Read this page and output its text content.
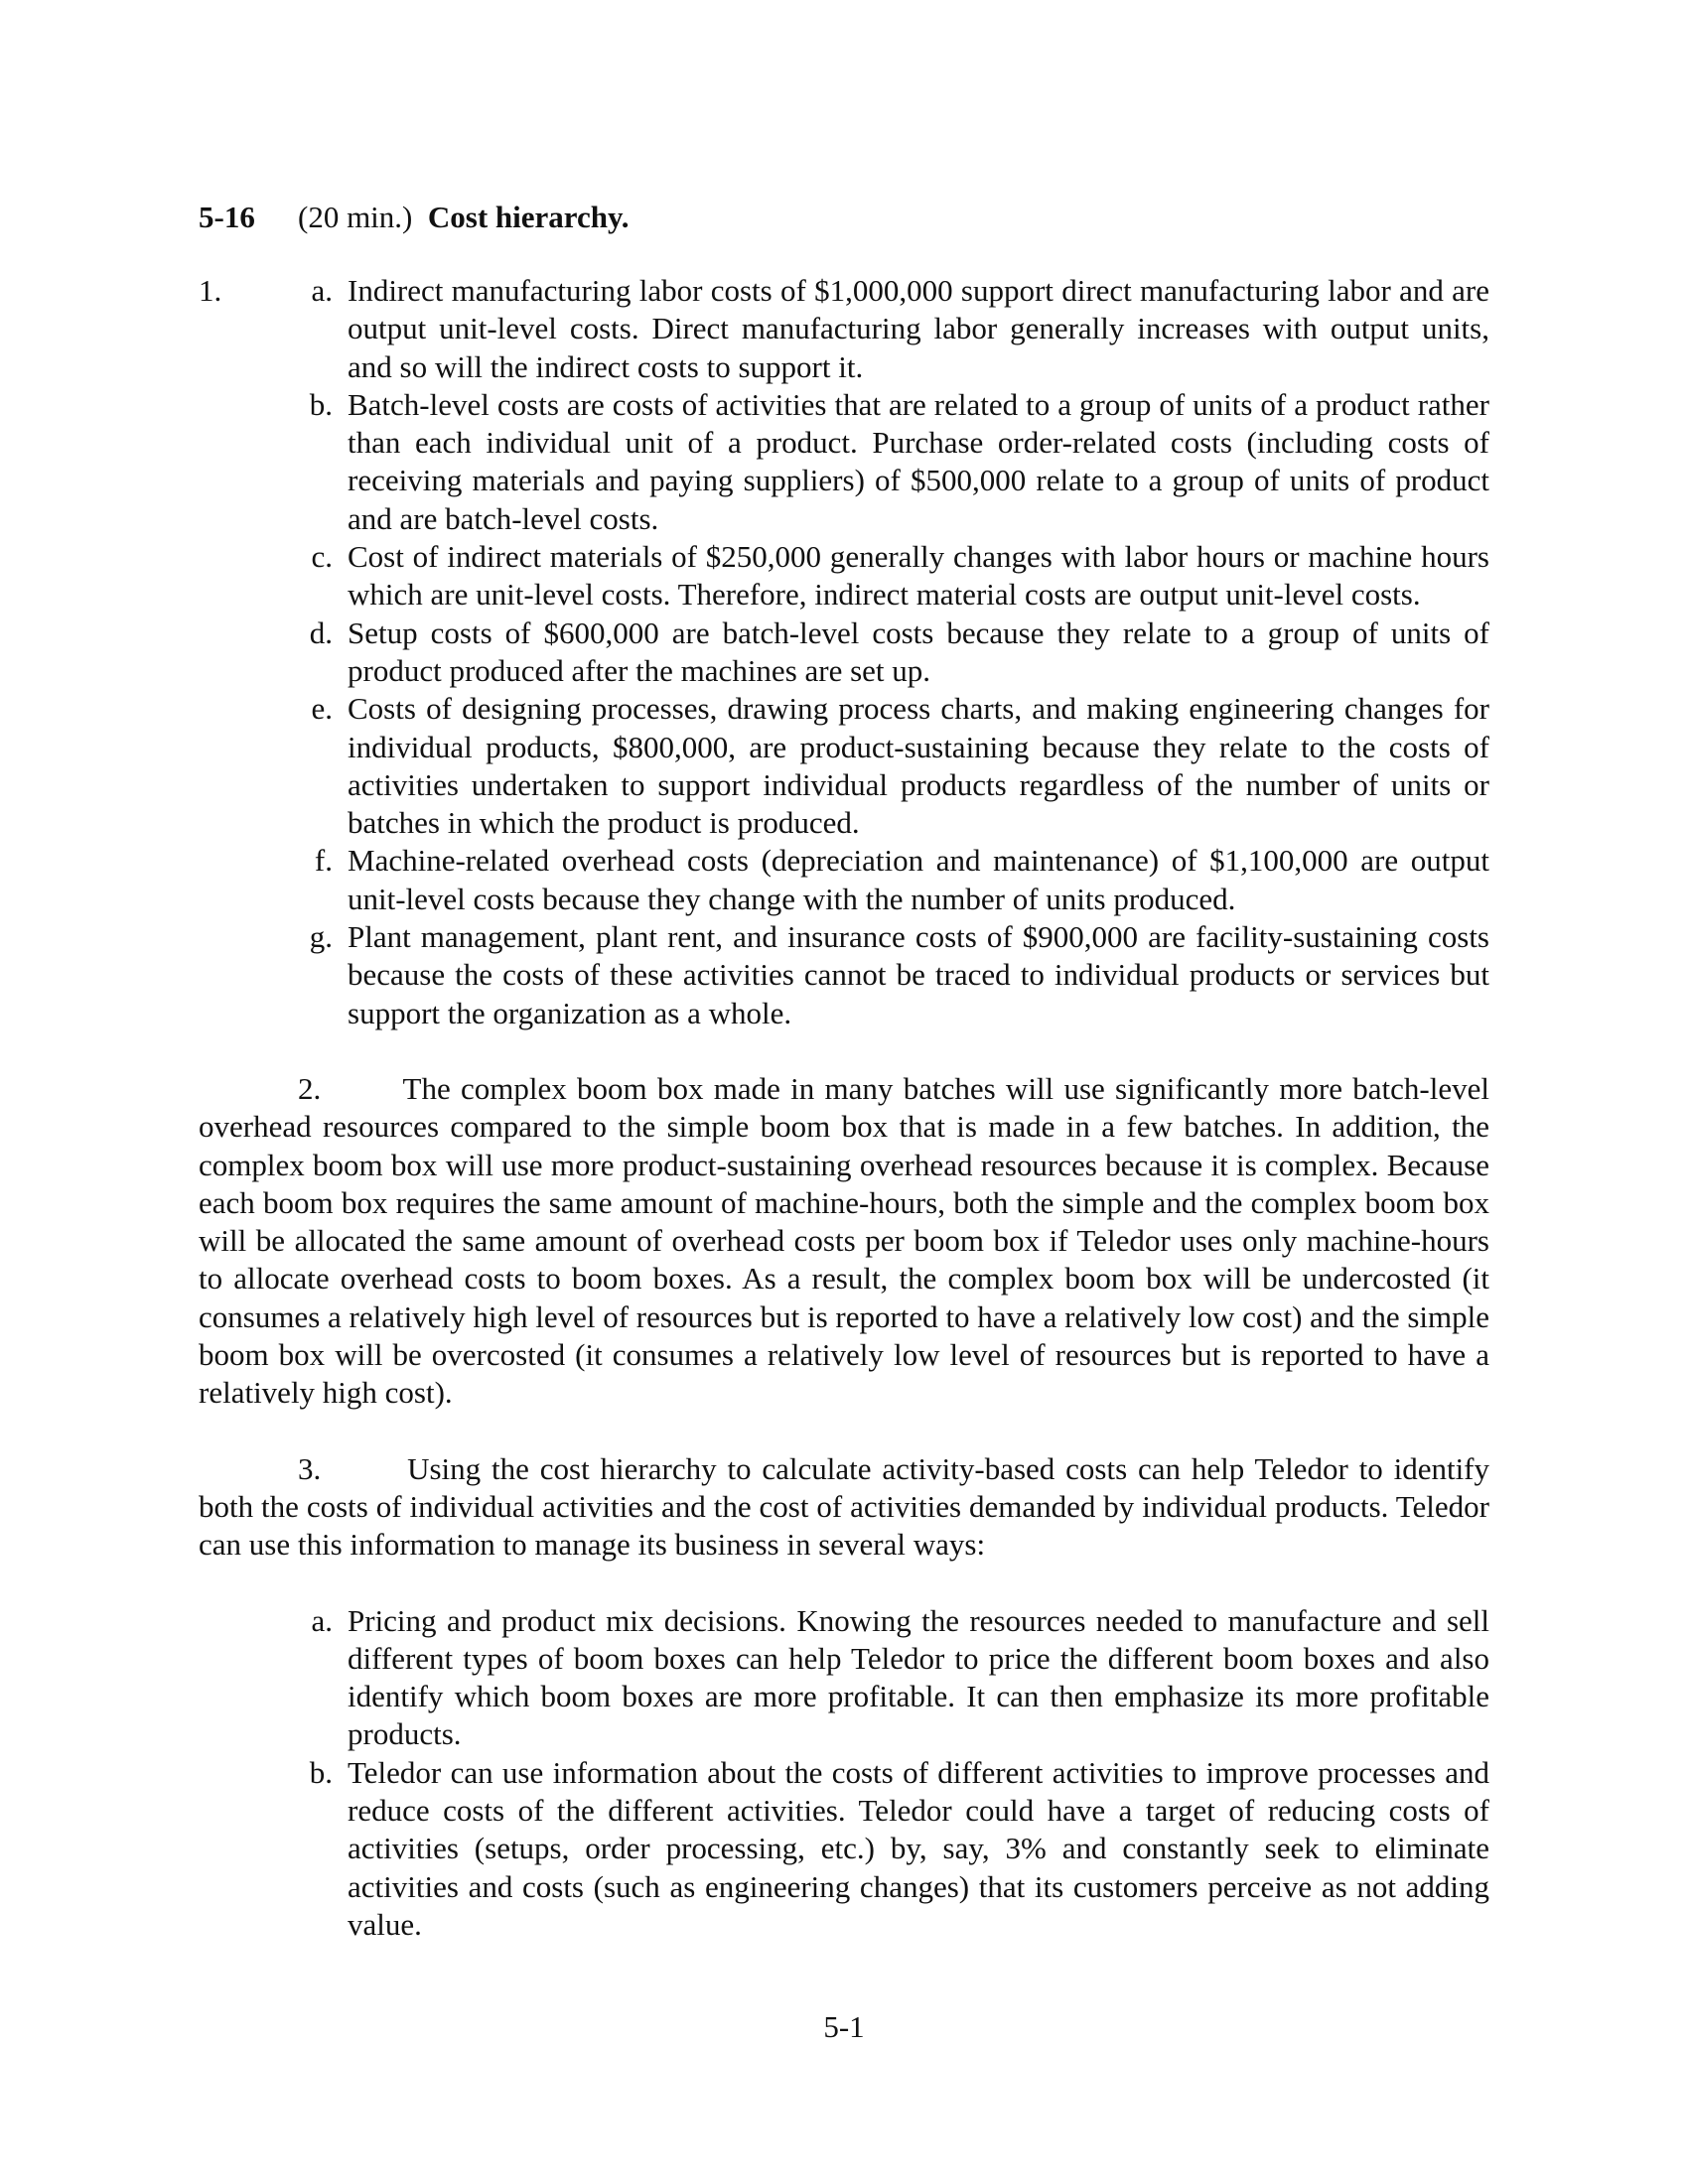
5-16 (20 min.) Cost hierarchy.
1.	a. Indirect manufacturing labor costs of $1,000,000 support direct manufacturing labor and are output unit-level costs. Direct manufacturing labor generally increases with output units, and so will the indirect costs to support it.
b. Batch-level costs are costs of activities that are related to a group of units of a product rather than each individual unit of a product. Purchase order-related costs (including costs of receiving materials and paying suppliers) of $500,000 relate to a group of units of product and are batch-level costs.
c. Cost of indirect materials of $250,000 generally changes with labor hours or machine hours which are unit-level costs. Therefore, indirect material costs are output unit-level costs.
d. Setup costs of $600,000 are batch-level costs because they relate to a group of units of product produced after the machines are set up.
e. Costs of designing processes, drawing process charts, and making engineering changes for individual products, $800,000, are product-sustaining because they relate to the costs of activities undertaken to support individual products regardless of the number of units or batches in which the product is produced.
f. Machine-related overhead costs (depreciation and maintenance) of $1,100,000 are output unit-level costs because they change with the number of units produced.
g. Plant management, plant rent, and insurance costs of $900,000 are facility-sustaining costs because the costs of these activities cannot be traced to individual products or services but support the organization as a whole.
2.	The complex boom box made in many batches will use significantly more batch-level overhead resources compared to the simple boom box that is made in a few batches. In addition, the complex boom box will use more product-sustaining overhead resources because it is complex. Because each boom box requires the same amount of machine-hours, both the simple and the complex boom box will be allocated the same amount of overhead costs per boom box if Teledor uses only machine-hours to allocate overhead costs to boom boxes. As a result, the complex boom box will be undercosted (it consumes a relatively high level of resources but is reported to have a relatively low cost) and the simple boom box will be overcosted (it consumes a relatively low level of resources but is reported to have a relatively high cost).
3.	Using the cost hierarchy to calculate activity-based costs can help Teledor to identify both the costs of individual activities and the cost of activities demanded by individual products. Teledor can use this information to manage its business in several ways:
a. Pricing and product mix decisions. Knowing the resources needed to manufacture and sell different types of boom boxes can help Teledor to price the different boom boxes and also identify which boom boxes are more profitable. It can then emphasize its more profitable products.
b. Teledor can use information about the costs of different activities to improve processes and reduce costs of the different activities. Teledor could have a target of reducing costs of activities (setups, order processing, etc.) by, say, 3% and constantly seek to eliminate activities and costs (such as engineering changes) that its customers perceive as not adding value.
5-1
